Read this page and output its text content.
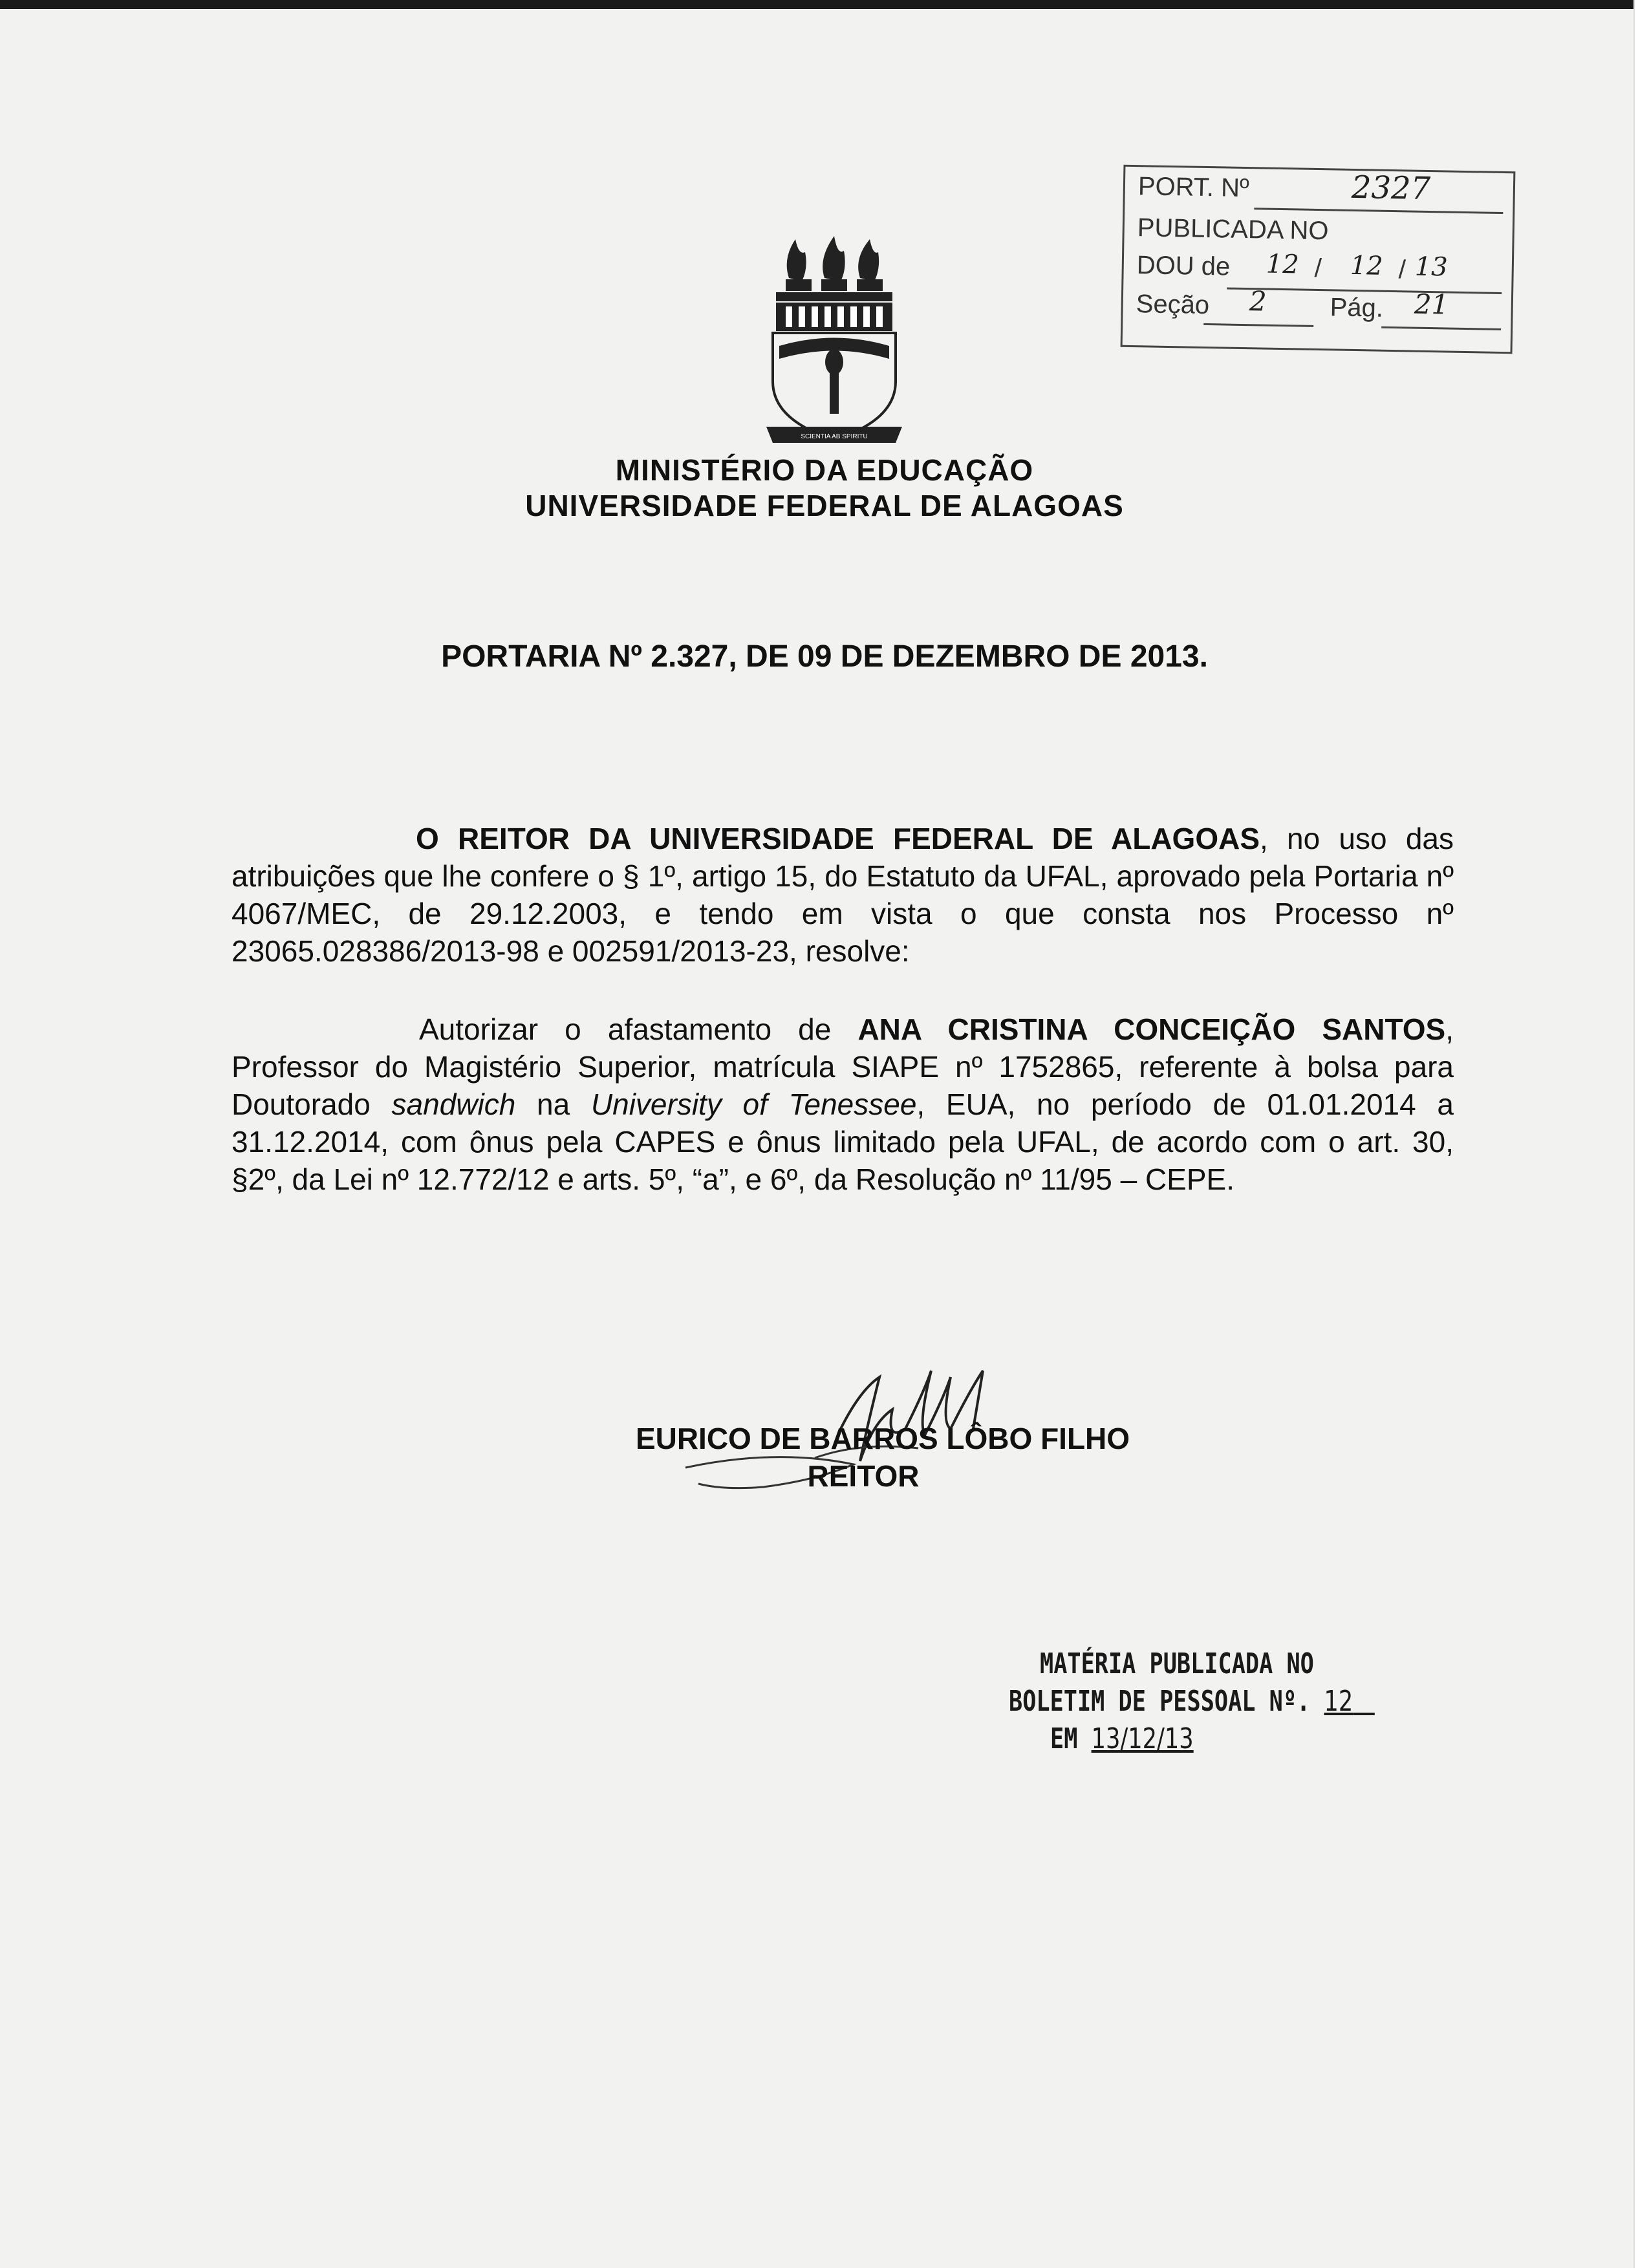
PORT. Nº	2327
PUBLICADA NO
DOU de 12 / 12 / 13
Seção 2 Pág. 21
SCIENTIA AB SPIRITU
MINISTÉRIO DA EDUCAÇÃO
UNIVERSIDADE FEDERAL DE ALAGOAS
PORTARIA Nº 2.327, DE 09 DE DEZEMBRO DE 2013.
O REITOR DA UNIVERSIDADE FEDERAL DE ALAGOAS, no uso das atribuições que lhe confere o § 1º, artigo 15, do Estatuto da UFAL, aprovado pela Portaria nº 4067/MEC, de 29.12.2003, e tendo em vista o que consta nos Processo nº 23065.028386/2013-98 e 002591/2013-23, resolve:
Autorizar o afastamento de ANA CRISTINA CONCEIÇÃO SANTOS, Professor do Magistério Superior, matrícula SIAPE nº 1752865, referente à bolsa para Doutorado sandwich na University of Tenessee, EUA, no período de 01.01.2014 a 31.12.2014, com ônus pela CAPES e ônus limitado pela UFAL, de acordo com o art. 30, §2º, da Lei nº 12.772/12 e arts. 5º, “a”, e 6º, da Resolução nº 11/95 – CEPE.
EURICO DE BARROS LÔBO FILHO
REITOR
MATÉRIA PUBLICADA NO
BOLETIM DE PESSOAL Nº. 12
EM 13/12/13
